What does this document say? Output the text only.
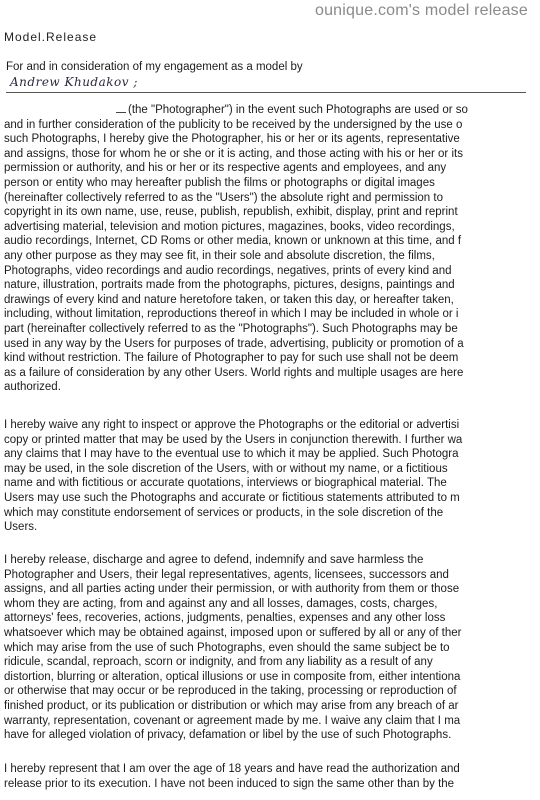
ounique.com's model release
Model.Release
For and in consideration of my engagement as a model by
Andrew Khudakov ;
(the "Photographer") in the event such Photographs are used or so
and in further consideration of the publicity to be received by the undersigned by the use o
such Photographs, I hereby give the Photographer, his or her or its agents, representative
and assigns, those for whom he or she or it is acting, and those acting with his or her or its
permission or authority, and his or her or its respective agents and employees, and any
person or entity who may hereafter publish the films or photographs or digital images
(hereinafter collectively referred to as the "Users") the absolute right and permission to
copyright in its own name, use, reuse, publish, republish, exhibit, display, print and reprint
advertising material, television and motion pictures, magazines, books, video recordings,
audio recordings, Internet, CD Roms or other media, known or unknown at this time, and f
any other purpose as they may see fit, in their sole and absolute discretion, the films,
Photographs, video recordings and audio recordings, negatives, prints of every kind and
nature, illustration, portraits made from the photographs, pictures, designs, paintings and
drawings of every kind and nature heretofore taken, or taken this day, or hereafter taken,
including, without limitation, reproductions thereof in which I may be included in whole or i
part (hereinafter collectively referred to as the "Photographs"). Such Photographs may be
used in any way by the Users for purposes of trade, advertising, publicity or promotion of a
kind without restriction. The failure of Photographer to pay for such use shall not be deem
as a failure of consideration by any other Users. World rights and multiple usages are here
authorized.
I hereby waive any right to inspect or approve the Photographs or the editorial or advertisi
copy or printed matter that may be used by the Users in conjunction therewith. I further wa
any claims that I may have to the eventual use to which it may be applied. Such Photogra
may be used, in the sole discretion of the Users, with or without my name, or a fictitious
name and with fictitious or accurate quotations, interviews or biographical material. The
Users may use such the Photographs and accurate or fictitious statements attributed to m
which may constitute endorsement of services or products, in the sole discretion of the
Users.
I hereby release, discharge and agree to defend, indemnify and save harmless the
Photographer and Users, their legal representatives, agents, licensees, successors and
assigns, and all parties acting under their permission, or with authority from them or those
whom they are acting, from and against any and all losses, damages, costs, charges,
attorneys' fees, recoveries, actions, judgments, penalties, expenses and any other loss
whatsoever which may be obtained against, imposed upon or suffered by all or any of ther
which may arise from the use of such Photographs, even should the same subject be to
ridicule, scandal, reproach, scorn or indignity, and from any liability as a result of any
distortion, blurring or alteration, optical illusions or use in composite from, either intentiona
or otherwise that may occur or be reproduced in the taking, processing or reproduction of
finished product, or its publication or distribution or which may arise from any breach of ar
warranty, representation, covenant or agreement made by me. I waive any claim that I ma
have for alleged violation of privacy, defamation or libel by the use of such Photographs.
I hereby represent that I am over the age of 18 years and have read the authorization and
release prior to its execution. I have not been induced to sign the same other than by the
